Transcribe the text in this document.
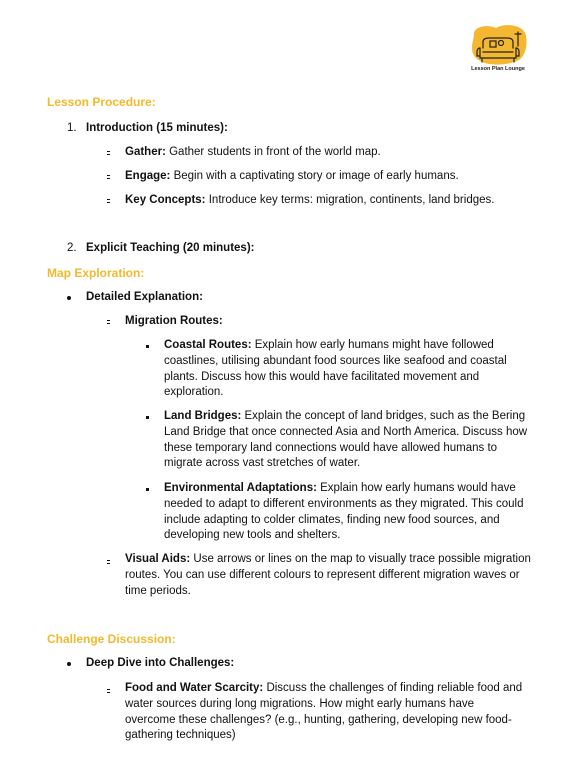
Lesson Plan Lounge
Lesson Procedure:
1. Introduction (15 minutes):
Gather: Gather students in front of the world map.
Engage: Begin with a captivating story or image of early humans.
Key Concepts: Introduce key terms: migration, continents, land bridges.
2. Explicit Teaching (20 minutes):
Map Exploration:
Detailed Explanation:
Migration Routes:
Coastal Routes: Explain how early humans might have followed coastlines, utilising abundant food sources like seafood and coastal plants. Discuss how this would have facilitated movement and exploration.
Land Bridges: Explain the concept of land bridges, such as the Bering Land Bridge that once connected Asia and North America. Discuss how these temporary land connections would have allowed humans to migrate across vast stretches of water.
Environmental Adaptations: Explain how early humans would have needed to adapt to different environments as they migrated. This could include adapting to colder climates, finding new food sources, and developing new tools and shelters.
Visual Aids: Use arrows or lines on the map to visually trace possible migration routes. You can use different colours to represent different migration waves or time periods.
Challenge Discussion:
Deep Dive into Challenges:
Food and Water Scarcity: Discuss the challenges of finding reliable food and water sources during long migrations. How might early humans have overcome these challenges? (e.g., hunting, gathering, developing new food-gathering techniques)
